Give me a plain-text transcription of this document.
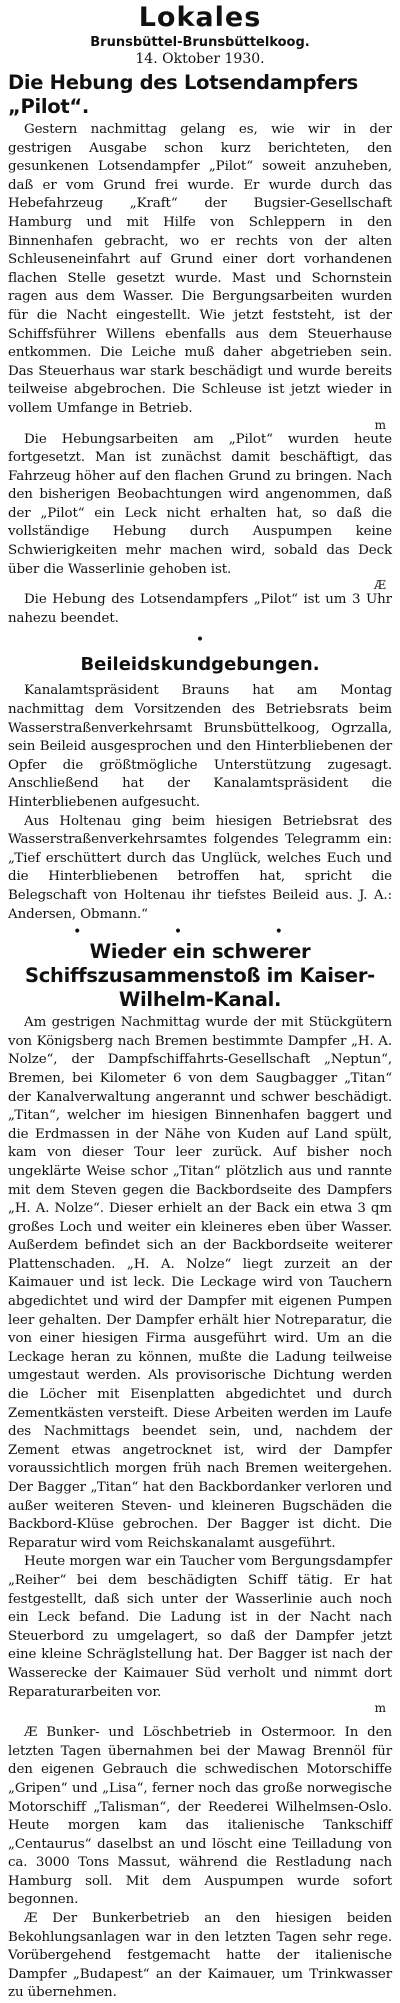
Lokales
Brunsbüttel-Brunsbüttelkoog.
14. Oktober 1930.
Die Hebung des Lotsendampfers „Pilot“.

Gestern nachmittag gelang es, wie wir in der gestrigen Ausgabe schon kurz berichteten, den gesunkenen Lotsendampfer „Pilot“ soweit anzuheben, daß er vom Grund frei wurde. Er wurde durch das Hebefahrzeug „Kraft“ der Bugsier-Gesellschaft Hamburg und mit Hilfe von Schleppern in den Binnenhafen gebracht, wo er rechts von der alten Schleuseneinfahrt auf Grund einer dort vorhandenen flachen Stelle gesetzt wurde. Mast und Schornstein ragen aus dem Wasser. Die Bergungsarbeiten wurden für die Nacht eingestellt. Wie jetzt feststeht, ist der Schiffsführer Willens ebenfalls aus dem Steuerhause entkommen. Die Leiche muß daher abgetrieben sein. Das Steuerhaus war stark beschädigt und wurde bereits teilweise abgebrochen. Die Schleuse ist jetzt wieder in vollem Umfange in Betrieb.

m

Die Hebungsarbeiten am „Pilot“ wurden heute fortgesetzt. Man ist zunächst damit beschäftigt, das Fahrzeug höher auf den flachen Grund zu bringen. Nach den bisherigen Beobachtungen wird angenommen, daß der „Pilot“ ein Leck nicht erhalten hat, so daß die vollständige Hebung durch Auspumpen keine Schwierigkeiten mehr machen wird, sobald das Deck über die Wasserlinie gehoben ist.

Æ

Die Hebung des Lotsendampfers „Pilot“ ist um 3 Uhr nahezu beendet.

•
Beileidskundgebungen.

Kanalamtspräsident Brauns hat am Montag nachmittag dem Vorsitzenden des Betriebsrats beim Wasserstraßenverkehrsamt Brunsbüttelkoog, Ogrzalla, sein Beileid ausgesprochen und den Hinterbliebenen der Opfer die größtmögliche Unterstützung zugesagt. Anschließend hat der Kanalamtspräsident die Hinterbliebenen aufgesucht.

Aus Holtenau ging beim hiesigen Betriebsrat des Wasserstraßenverkehrsamtes folgendes Telegramm ein: „Tief erschüttert durch das Unglück, welches Euch und die Hinterbliebenen betroffen hat, spricht die Belegschaft von Holtenau ihr tiefstes Beileid aus. J. A.: Andersen, Obmann.“

• • •
Wieder ein schwerer Schiffszusammenstoß im Kaiser-Wilhelm-Kanal.

Am gestrigen Nachmittag wurde der mit Stückgütern von Königsberg nach Bremen bestimmte Dampfer „H. A. Nolze“, der Dampfschiffahrts-Gesellschaft „Neptun“, Bremen, bei Kilometer 6 von dem Saugbagger „Titan“ der Kanalverwaltung angerannt und schwer beschädigt. „Titan“, welcher im hiesigen Binnenhafen baggert und die Erdmassen in der Nähe von Kuden auf Land spült, kam von dieser Tour leer zurück. Auf bisher noch ungeklärte Weise schor „Titan“ plötzlich aus und rannte mit dem Steven gegen die Backbordseite des Dampfers „H. A. Nolze“. Dieser erhielt an der Back ein etwa 3 qm großes Loch und weiter ein kleineres eben über Wasser. Außerdem befindet sich an der Backbordseite weiterer Plattenschaden. „H. A. Nolze“ liegt zurzeit an der Kaimauer und ist leck. Die Leckage wird von Tauchern abgedichtet und wird der Dampfer mit eigenen Pumpen leer gehalten. Der Dampfer erhält hier Notreparatur, die von einer hiesigen Firma ausgeführt wird. Um an die Leckage heran zu können, mußte die Ladung teilweise umgestaut werden. Als provisorische Dichtung werden die Löcher mit Eisenplatten abgedichtet und durch Zementkästen versteift. Diese Arbeiten werden im Laufe des Nachmittags beendet sein, und, nachdem der Zement etwas angetrocknet ist, wird der Dampfer voraussichtlich morgen früh nach Bremen weitergehen. Der Bagger „Titan“ hat den Backbordanker verloren und außer weiteren Steven- und kleineren Bugschäden die Backbord-Klüse gebrochen. Der Bagger ist dicht. Die Reparatur wird vom Reichskanalamt ausgeführt.

Heute morgen war ein Taucher vom Bergungsdampfer „Reiher“ bei dem beschädigten Schiff tätig. Er hat festgestellt, daß sich unter der Wasserlinie auch noch ein Leck befand. Die Ladung ist in der Nacht nach Steuerbord zu umgelagert, so daß der Dampfer jetzt eine kleine Schräglstellung hat. Der Bagger ist nach der Wasserecke der Kaimauer Süd verholt und nimmt dort Reparaturarbeiten vor.

m

Æ Bunker- und Löschbetrieb in Ostermoor. In den letzten Tagen übernahmen bei der Mawag Brennöl für den eigenen Gebrauch die schwedischen Motorschiffe „Gripen“ und „Lisa“, ferner noch das große norwegische Motorschiff „Talisman“, der Reederei Wilhelmsen-Oslo. Heute morgen kam das italienische Tankschiff „Centaurus“ daselbst an und löscht eine Teilladung von ca. 3000 Tons Massut, während die Restladung nach Hamburg soll. Mit dem Auspumpen wurde sofort begonnen.

Æ Der Bunkerbetrieb an den hiesigen beiden Bekohlungsanlagen war in den letzten Tagen sehr rege. Vorübergehend festgemacht hatte der italienische Dampfer „Budapest“ an der Kaimauer, um Trinkwasser zu übernehmen.
